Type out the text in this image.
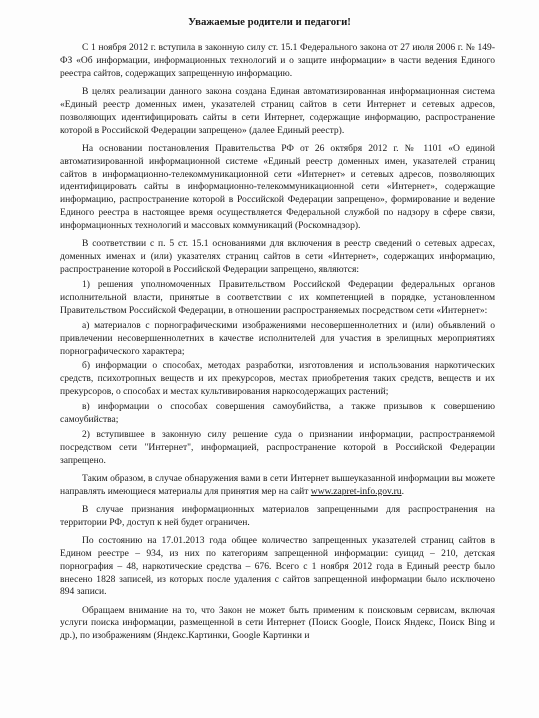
Уважаемые родители и педагоги!

С 1 ноября 2012 г. вступила в законную силу ст. 15.1 Федерального закона от 27 июля 2006 г. № 149-ФЗ «Об информации, информационных технологий и о защите информации» в части ведения Единого реестра сайтов, содержащих запрещенную информацию.

В целях реализации данного закона создана Единая автоматизированная информационная система «Единый реестр доменных имен, указателей страниц сайтов в сети Интернет и сетевых адресов, позволяющих идентифицировать сайты в сети Интернет, содержащие информацию, распространение которой в Российской Федерации запрещено» (далее Единый реестр).

На основании постановления Правительства РФ от 26 октября 2012 г. № 1101 «О единой автоматизированной информационной системе «Единый реестр доменных имен, указателей страниц сайтов в информационно-телекоммуникационной сети «Интернет» и сетевых адресов, позволяющих идентифицировать сайты в информационно-телекоммуникационной сети «Интернет», содержащие информацию, распространение которой в Российской Федерации запрещено», формирование и ведение Единого реестра в настоящее время осуществляется Федеральной службой по надзору в сфере связи, информационных технологий и массовых коммуникаций (Роскомнадзор).

В соответствии с п. 5 ст. 15.1 основаниями для включения в реестр сведений о сетевых адресах, доменных именах и (или) указателях страниц сайтов в сети «Интернет», содержащих информацию, распространение которой в Российской Федерации запрещено, являются:

1) решения уполномоченных Правительством Российской Федерации федеральных органов исполнительной власти, принятые в соответствии с их компетенцией в порядке, установленном Правительством Российской Федерации, в отношении распространяемых посредством сети «Интернет»:

а) материалов с порнографическими изображениями несовершеннолетних и (или) объявлений о привлечении несовершеннолетних в качестве исполнителей для участия в зрелищных мероприятиях порнографического характера;

б) информации о способах, методах разработки, изготовления и использования наркотических средств, психотропных веществ и их прекурсоров, местах приобретения таких средств, веществ и их прекурсоров, о способах и местах культивирования наркосодержащих растений;

в) информации о способах совершения самоубийства, а также призывов к совершению самоубийства;

2) вступившее в законную силу решение суда о признании информации, распространяемой посредством сети "Интернет", информацией, распространение которой в Российской Федерации запрещено.

Таким образом, в случае обнаружения вами в сети Интернет вышеуказанной информации вы можете направлять имеющиеся материалы для принятия мер на сайт www.zapret-info.gov.ru.

В случае признания информационных материалов запрещенными для распространения на территории РФ, доступ к ней будет ограничен.

По состоянию на 17.01.2013 года общее количество запрещенных указателей страниц сайтов в Едином реестре – 934, из них по категориям запрещенной информации: суицид – 210, детская порнография – 48, наркотические средства – 676. Всего с 1 ноября 2012 года в Единый реестр было внесено 1828 записей, из которых после удаления с сайтов запрещенной информации было исключено 894 записи.

Обращаем внимание на то, что Закон не может быть применим к поисковым сервисам, включая услуги поиска информации, размещенной в сети Интернет (Поиск Google, Поиск Яндекс, Поиск Bing и др.), по изображениям (Яндекс.Картинки, Google Картинки и
